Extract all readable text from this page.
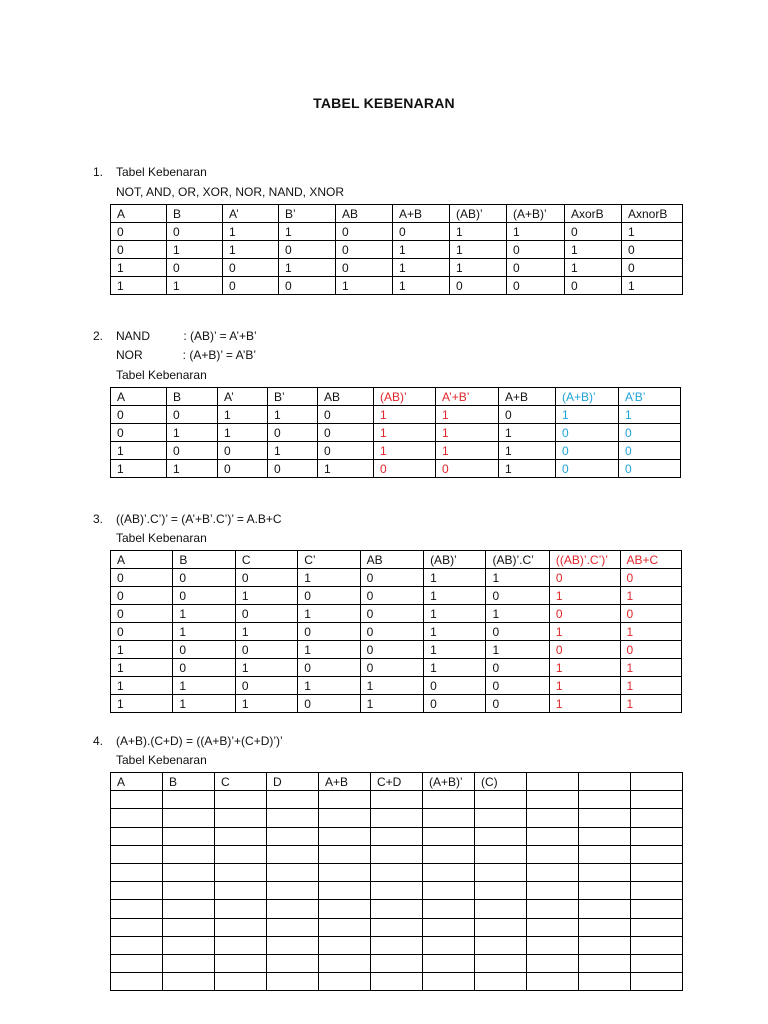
TABEL KEBENARAN
1. Tabel Kebenaran
NOT, AND, OR, XOR, NOR, NAND, XNOR
A	B	A’	B’	AB	A+B	(AB)’	(A+B)’	AxorB	AxnorB
0	0	1	1	0	0	1	1	0	1
0	1	1	0	0	1	1	0	1	0
1	0	0	1	0	1	1	0	1	0
1	1	0	0	1	1	0	0	0	1
2. NAND          : (AB)’ = A’+B’
NOR            : (A+B)’ = A’B’
Tabel Kebenaran
A	B	A’	B’	AB	(AB)’	A’+B’	A+B	(A+B)’	A’B’
0	0	1	1	0	1	1	0	1	1
0	1	1	0	0	1	1	1	0	0
1	0	0	1	0	1	1	1	0	0
1	1	0	0	1	0	0	1	0	0
3. ((AB)’.C’)’ = (A’+B’.C’)’ = A.B+C
Tabel Kebenaran
A	B	C	C’	AB	(AB)’	(AB)’.C’	((AB)’.C’)’	AB+C
0	0	0	1	0	1	1	0	0
0	0	1	0	0	1	0	1	1
0	1	0	1	0	1	1	0	0
0	1	1	0	0	1	0	1	1
1	0	0	1	0	1	1	0	0
1	0	1	0	0	1	0	1	1
1	1	0	1	1	0	0	1	1
1	1	1	0	1	0	0	1	1
4. (A+B).(C+D) = ((A+B)’+(C+D)’)’
Tabel Kebenaran
A	B	C	D	A+B	C+D	(A+B)’	(C)			
